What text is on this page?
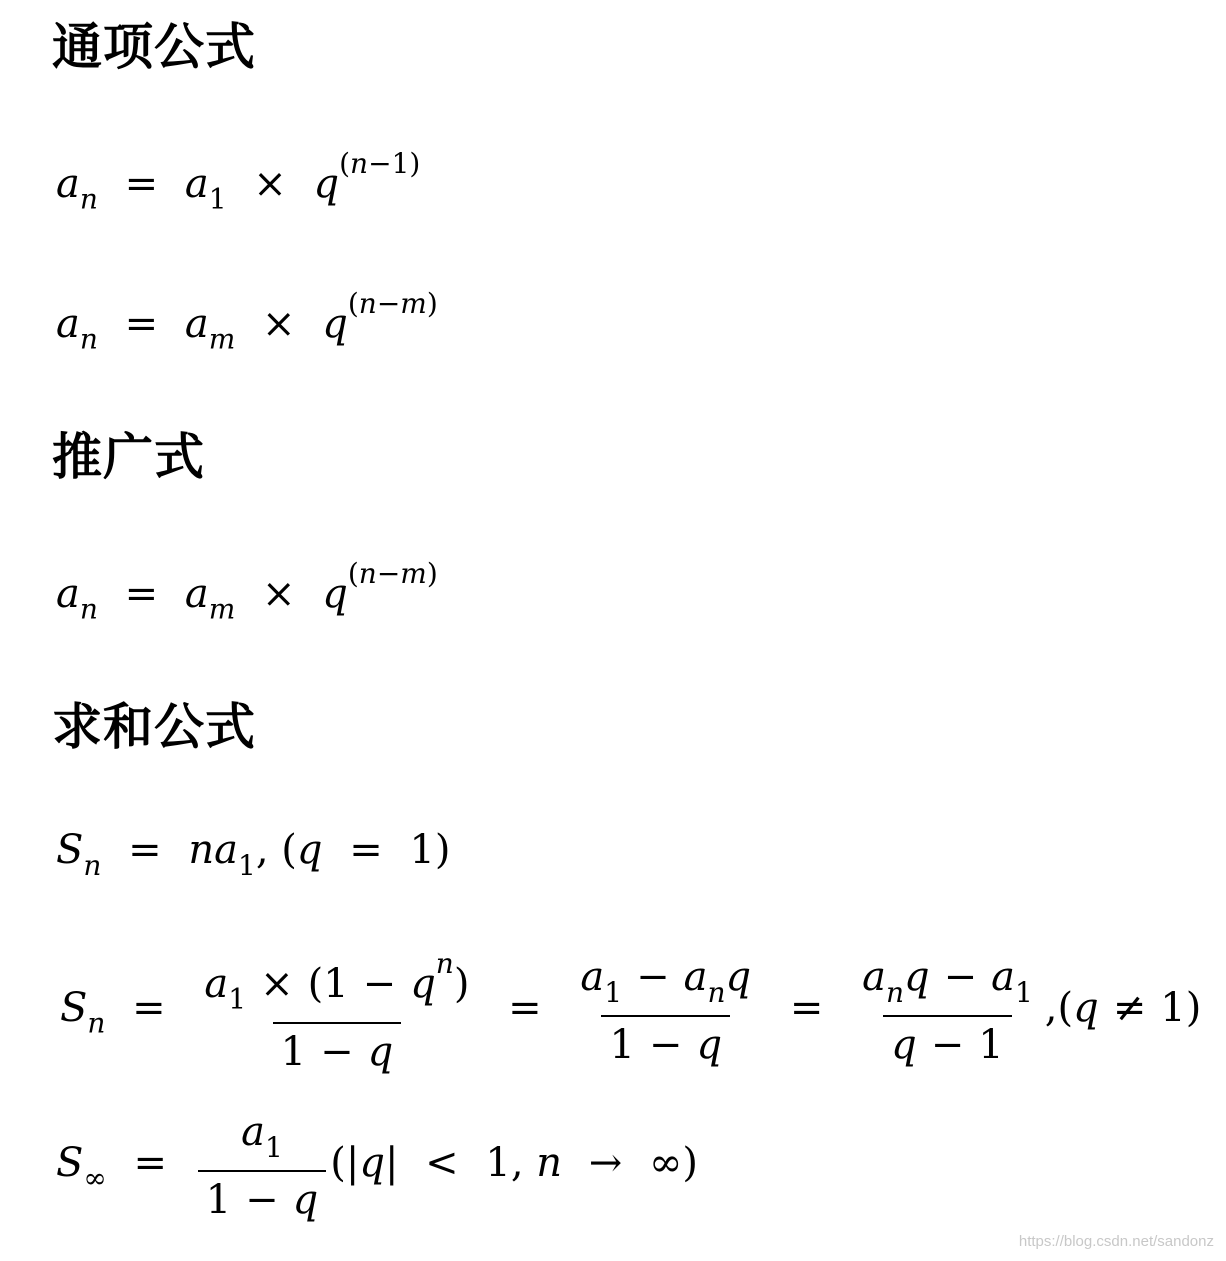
通项公式
$a_n = a_1 \times q^{(n-1)}$
$a_n = a_m \times q^{(n-m)}$
推广式
$a_n = a_m \times q^{(n-m)}$
求和公式
$S_n = na_1$, (q = 1)
$S_n = \frac{a_1 \times (1 - q^n)}{1 - q} = \frac{a_1 - a_nq}{1 - q} = \frac{a_nq - a_1}{q - 1} ,(q \ne 1)$
$S_\infty = \frac{a_1}{1 - q} (|q| < 1$, n → ∞)
https://blog.csdn.net/sandonz
